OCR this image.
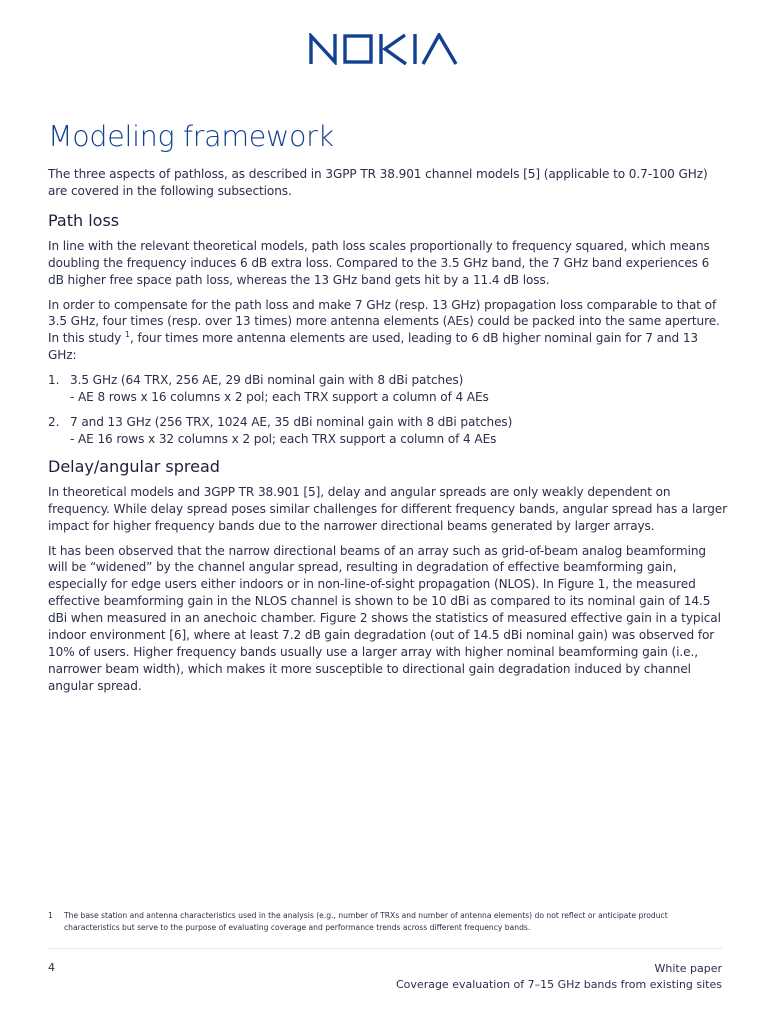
Modeling framework

The three aspects of pathloss, as described in 3GPP TR 38.901 channel models [5] (applicable to 0.7-100 GHz) are covered in the following subsections.

Path loss

In line with the relevant theoretical models, path loss scales proportionally to frequency squared, which means doubling the frequency induces 6 dB extra loss. Compared to the 3.5 GHz band, the 7 GHz band experiences 6 dB higher free space path loss, whereas the 13 GHz band gets hit by a 11.4 dB loss.

In order to compensate for the path loss and make 7 GHz (resp. 13 GHz) propagation loss comparable to that of 3.5 GHz, four times (resp. over 13 times) more antenna elements (AEs) could be packed into the same aperture. In this study $^1$, four times more antenna elements are used, leading to 6 dB higher nominal gain for 7 and 13 GHz:

1. 3.5 GHz (64 TRX, 256 AE, 29 dBi nominal gain with 8 dBi patches)
- AE 8 rows x 16 columns x 2 pol; each TRX support a column of 4 AEs
2. 7 and 13 GHz (256 TRX, 1024 AE, 35 dBi nominal gain with 8 dBi patches)
- AE 16 rows x 32 columns x 2 pol; each TRX support a column of 4 AEs
Delay/angular spread

In theoretical models and 3GPP TR 38.901 [5], delay and angular spreads are only weakly dependent on frequency. While delay spread poses similar challenges for different frequency bands, angular spread has a larger impact for higher frequency bands due to the narrower directional beams generated by larger arrays.

It has been observed that the narrow directional beams of an array such as grid-of-beam analog beamforming will be “widened” by the channel angular spread, resulting in degradation of effective beamforming gain, especially for edge users either indoors or in non-line-of-sight propagation (NLOS). In Figure 1, the measured effective beamforming gain in the NLOS channel is shown to be 10 dBi as compared to its nominal gain of 14.5 dBi when measured in an anechoic chamber. Figure 2 shows the statistics of measured effective gain in a typical indoor environment [6], where at least 7.2 dB gain degradation (out of 14.5 dBi nominal gain) was observed for 10% of users. Higher frequency bands usually use a larger array with higher nominal beamforming gain (i.e., narrower beam width), which makes it more susceptible to directional gain degradation induced by channel angular spread.

1	The base station and antenna characteristics used in the analysis (e.g., number of TRXs and number of antenna elements) do not reflect or anticipate product characteristics but serve to the purpose of evaluating coverage and performance trends across different frequency bands.
4	White paper
Coverage evaluation of 7–15 GHz bands from existing sites
